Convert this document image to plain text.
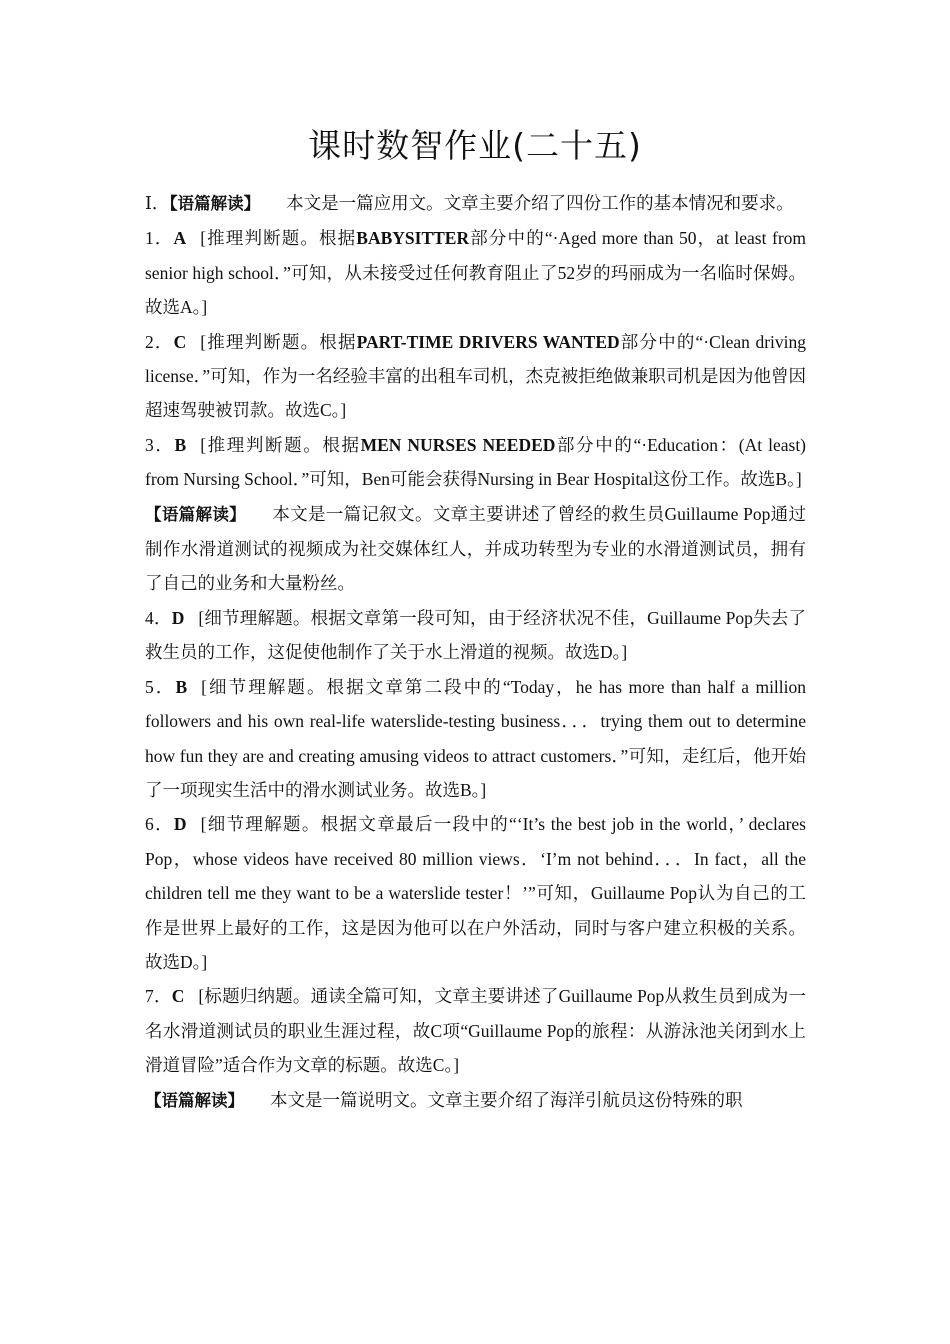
课时数智作业(二十五)

Ⅰ．【语篇解读】 本文是一篇应用文。文章主要介绍了四份工作的基本情况和要求。

1．A [推理判断题。根据BABYSITTER部分中的“·Aged more than 50，at least from senior high school．”可知，从未接受过任何教育阻止了52岁的玛丽成为一名临时保姆。故选A。]

2．C [推理判断题。根据PART-TIME DRIVERS WANTED部分中的“·Clean driving license．”可知，作为一名经验丰富的出租车司机，杰克被拒绝做兼职司机是因为他曾因超速驾驶被罚款。故选C。]

3．B [推理判断题。根据MEN NURSES NEEDED部分中的“·Education：(At least) from Nursing School．”可知，Ben可能会获得Nursing in Bear Hospital这份工作。故选B。]

【语篇解读】 本文是一篇记叙文。文章主要讲述了曾经的救生员Guillaume Pop通过制作水滑道测试的视频成为社交媒体红人，并成功转型为专业的水滑道测试员，拥有了自己的业务和大量粉丝。

4．D [细节理解题。根据文章第一段可知，由于经济状况不佳，Guillaume Pop失去了救生员的工作，这促使他制作了关于水上滑道的视频。故选D。]

5．B [细节理解题。根据文章第二段中的“Today，he has more than half a million followers and his own real-life waterslide-testing business．．．trying them out to determine how fun they are and creating amusing videos to attract customers．”可知，走红后，他开始了一项现实生活中的滑水测试业务。故选B。]

6．D [细节理解题。根据文章最后一段中的“‘It’s the best job in the world，’ declares Pop，whose videos have received 80 million views．‘I’m not behind．．．In fact，all the children tell me they want to be a waterslide tester！’”可知，Guillaume Pop认为自己的工作是世界上最好的工作，这是因为他可以在户外活动，同时与客户建立积极的关系。故选D。]

7．C [标题归纳题。通读全篇可知，文章主要讲述了Guillaume Pop从救生员到成为一名水滑道测试员的职业生涯过程，故C项“Guillaume Pop的旅程：从游泳池关闭到水上滑道冒险”适合作为文章的标题。故选C。]

【语篇解读】 本文是一篇说明文。文章主要介绍了海洋引航员这份特殊的职
